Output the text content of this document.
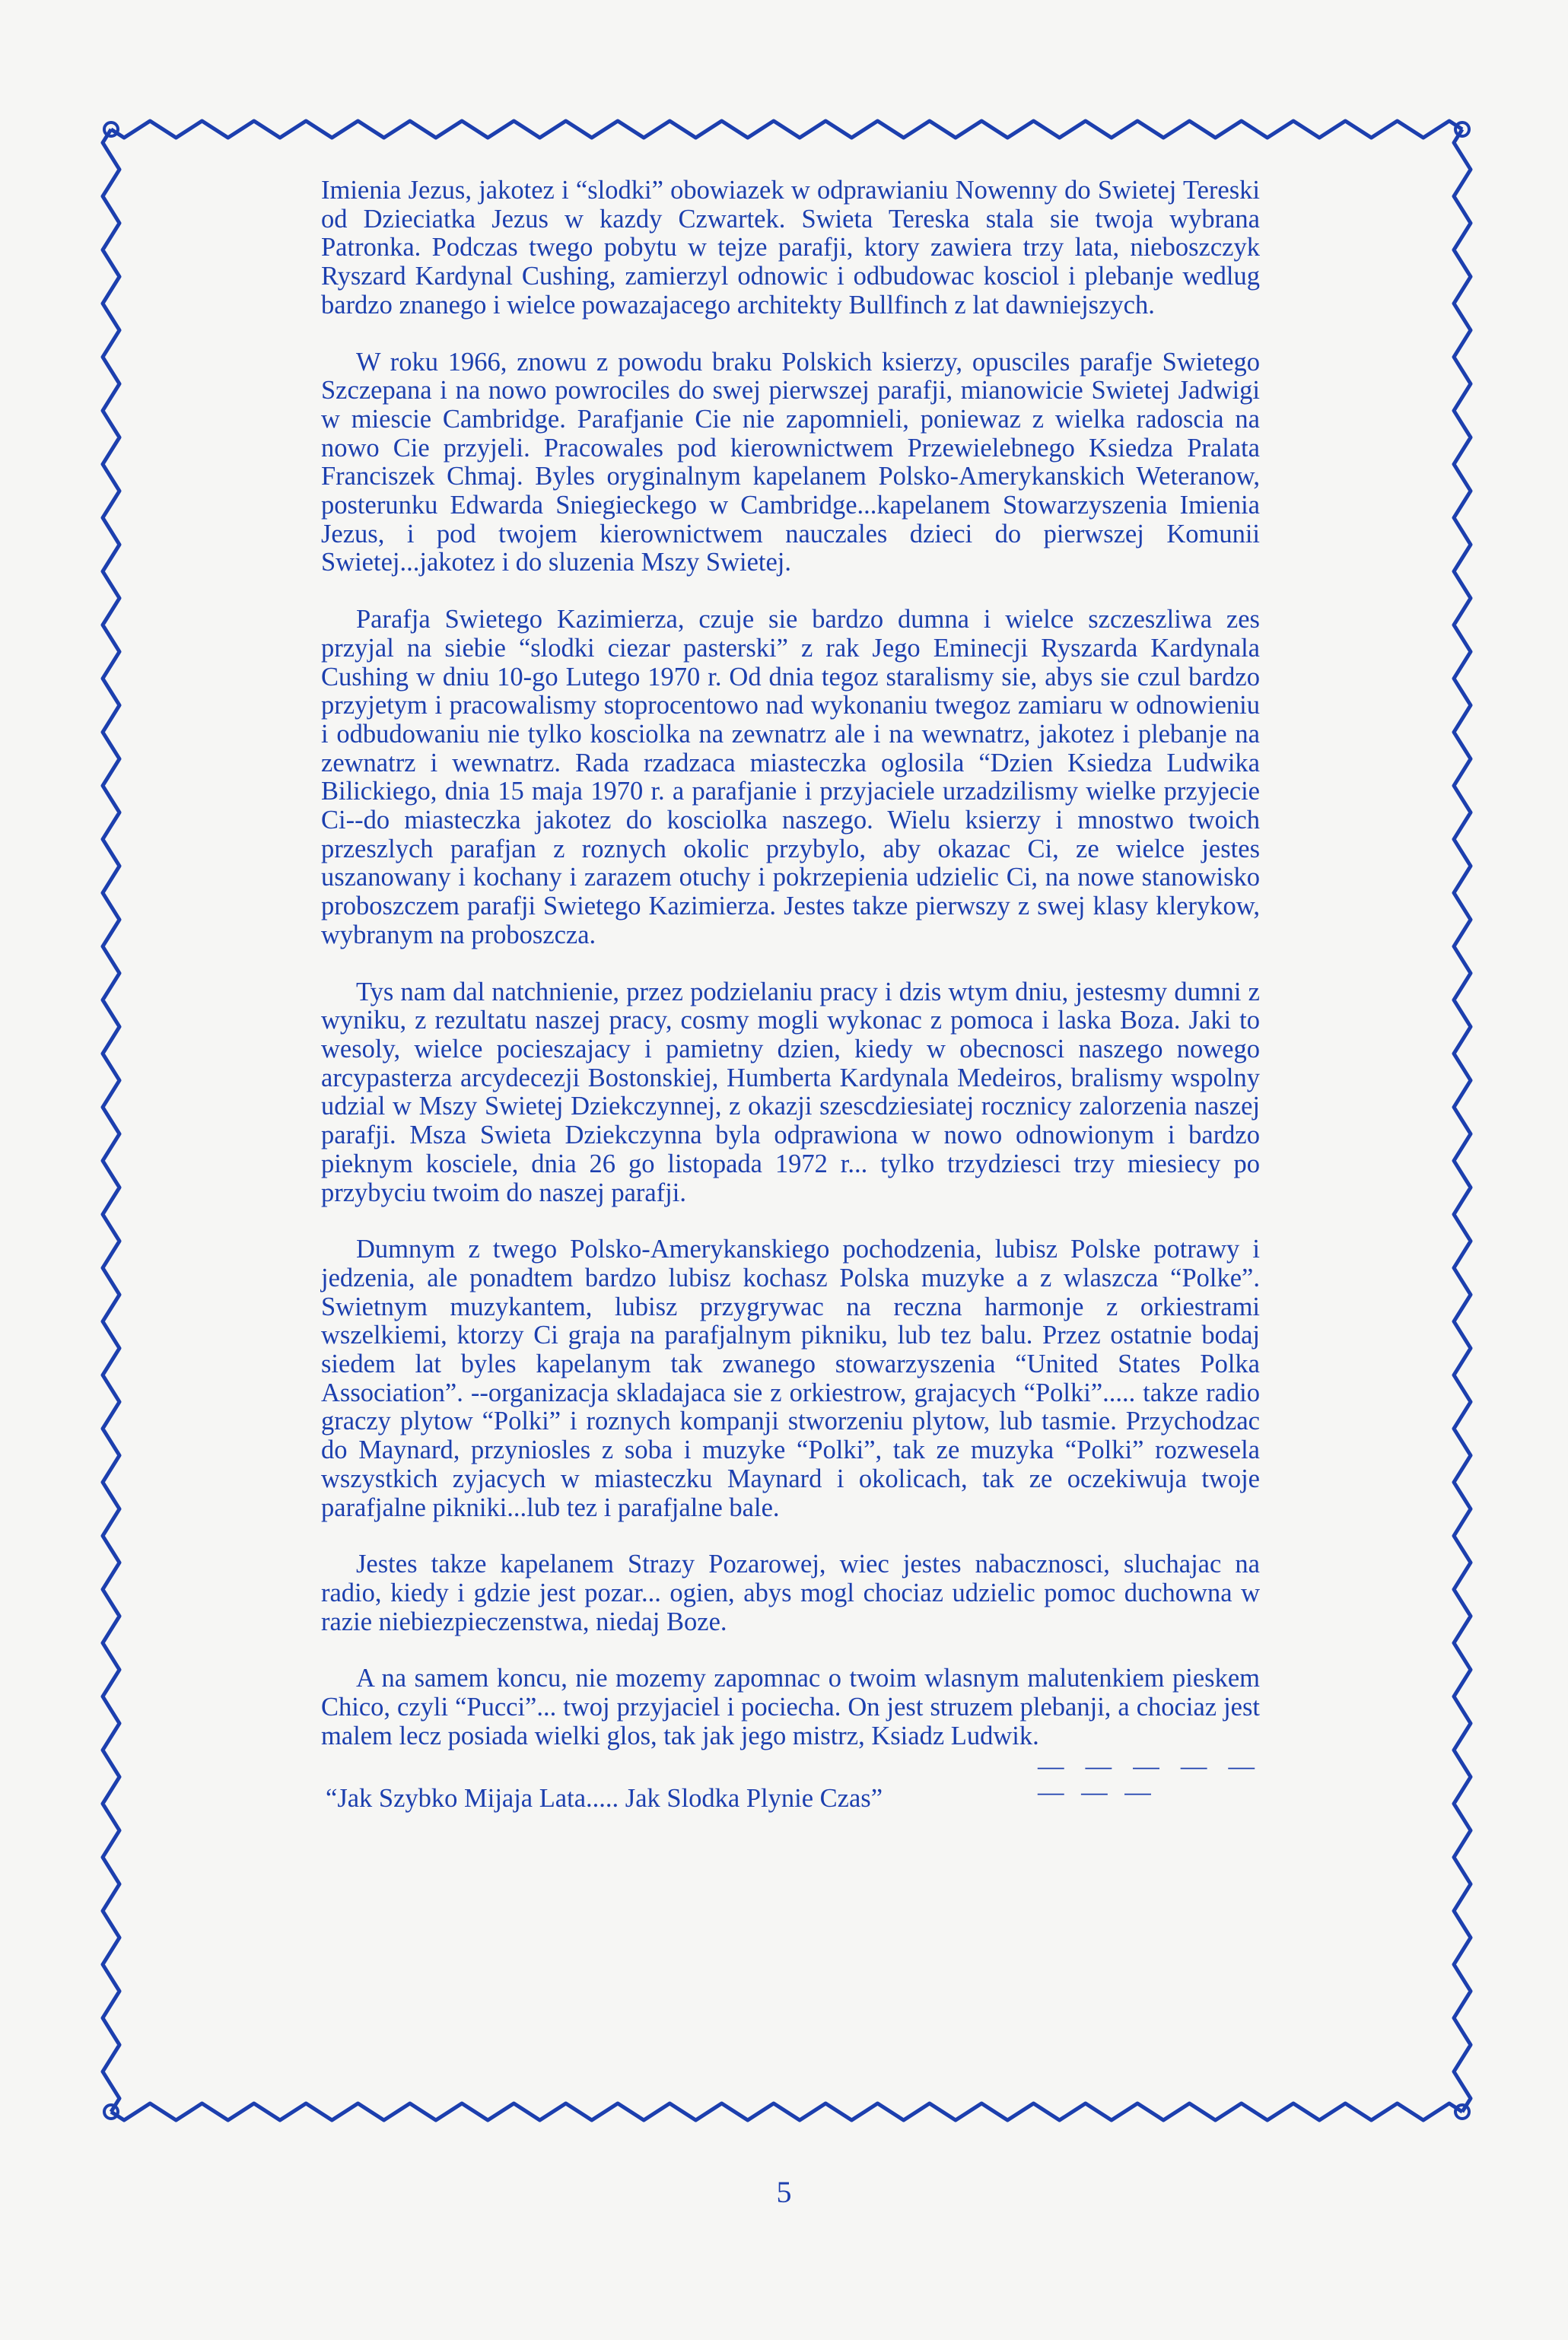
Imienia Jezus, jakotez i “slodki” obowiazek w odprawianiu Nowenny do Swietej Tereski od Dzieciatka Jezus w kazdy Czwartek. Swieta Tereska stala sie twoja wybrana Patronka. Podczas twego pobytu w tejze parafji, ktory zawiera trzy lata, nieboszczyk Ryszard Kardynal Cushing, zamierzyl odnowic i odbudowac kosciol i plebanje wedlug bardzo znanego i wielce powazajacego architekty Bullfinch z lat dawniejszych.

W roku 1966, znowu z powodu braku Polskich ksierzy, opusciles parafje Swietego Szczepana i na nowo powrociles do swej pierwszej parafji, mianowicie Swietej Jadwigi w miescie Cambridge. Parafjanie Cie nie zapomnieli, poniewaz z wielka radoscia na nowo Cie przyjeli. Pracowales pod kierownictwem Przewielebnego Ksiedza Pralata Franciszek Chmaj. Byles oryginalnym kapelanem Polsko-Amerykanskich Weteranow, posterunku Edwarda Sniegieckego w Cambridge...kapelanem Stowarzyszenia Imienia Jezus, i pod twojem kierownictwem nauczales dzieci do pierwszej Komunii Swietej...jakotez i do sluzenia Mszy Swietej.

Parafja Swietego Kazimierza, czuje sie bardzo dumna i wielce szczeszliwa zes przyjal na siebie “slodki ciezar pasterski” z rak Jego Eminecji Ryszarda Kardynala Cushing w dniu 10-go Lutego 1970 r. Od dnia tegoz staralismy sie, abys sie czul bardzo przyjetym i pracowalismy stoprocentowo nad wykonaniu twegoz zamiaru w odnowieniu i odbudowaniu nie tylko kosciolka na zewnatrz ale i na wewnatrz, jakotez i plebanje na zewnatrz i wewnatrz. Rada rzadzaca miasteczka oglosila “Dzien Ksiedza Ludwika Bilickiego, dnia 15 maja 1970 r. a parafjanie i przyjaciele urzadzilismy wielke przyjecie Ci--do miasteczka jakotez do kosciolka naszego. Wielu ksierzy i mnostwo twoich przeszlych parafjan z roznych okolic przybylo, aby okazac Ci, ze wielce jestes uszanowany i kochany i zarazem otuchy i pokrzepienia udzielic Ci, na nowe stanowisko proboszczem parafji Swietego Kazimierza. Jestes takze pierwszy z swej klasy klerykow, wybranym na proboszcza.

Tys nam dal natchnienie, przez podzielaniu pracy i dzis wtym dniu, jestesmy dumni z wyniku, z rezultatu naszej pracy, cosmy mogli wykonac z pomoca i laska Boza. Jaki to wesoly, wielce pocieszajacy i pamietny dzien, kiedy w obecnosci naszego nowego arcypasterza arcydecezji Bostonskiej, Humberta Kardynala Medeiros, bralismy wspolny udzial w Mszy Swietej Dziekczynnej, z okazji szescdziesiatej rocznicy zalorzenia naszej parafji. Msza Swieta Dziekczynna byla odprawiona w nowo odnowionym i bardzo pieknym kosciele, dnia 26 go listopada 1972 r... tylko trzydziesci trzy miesiecy po przybyciu twoim do naszej parafji.

Dumnym z twego Polsko-Amerykanskiego pochodzenia, lubisz Polske potrawy i jedzenia, ale ponadtem bardzo lubisz kochasz Polska muzyke a z wlaszcza “Polke”. Swietnym muzykantem, lubisz przygrywac na reczna harmonje z orkiestrami wszelkiemi, ktorzy Ci graja na parafjalnym pikniku, lub tez balu. Przez ostatnie bodaj siedem lat byles kapelanym tak zwanego stowarzyszenia “United States Polka Association”. --organizacja skladajaca sie z orkiestrow, grajacych “Polki”..... takze radio graczy plytow “Polki” i roznych kompanji stworzeniu plytow, lub tasmie. Przychodzac do Maynard, przyniosles z soba i muzyke “Polki”, tak ze muzyka “Polki” rozwesela wszystkich zyjacych w miasteczku Maynard i okolicach, tak ze oczekiwuja twoje parafjalne pikniki...lub tez i parafjalne bale.

Jestes takze kapelanem Strazy Pozarowej, wiec jestes nabacznosci, sluchajac na radio, kiedy i gdzie jest pozar... ogien, abys mogl chociaz udzielic pomoc duchowna w razie niebiezpieczenstwa, niedaj Boze.

A na samem koncu, nie mozemy zapomnac o twoim wlasnym malutenkiem pieskem Chico, czyli “Pucci”... twoj przyjaciel i pociecha. On jest struzem plebanji, a chociaz jest malem lecz posiada wielki glos, tak jak jego mistrz, Ksiadz Ludwik.

— — — — — — — —
“Jak Szybko Mijaja Lata..... Jak Slodka Plynie Czas”
5
